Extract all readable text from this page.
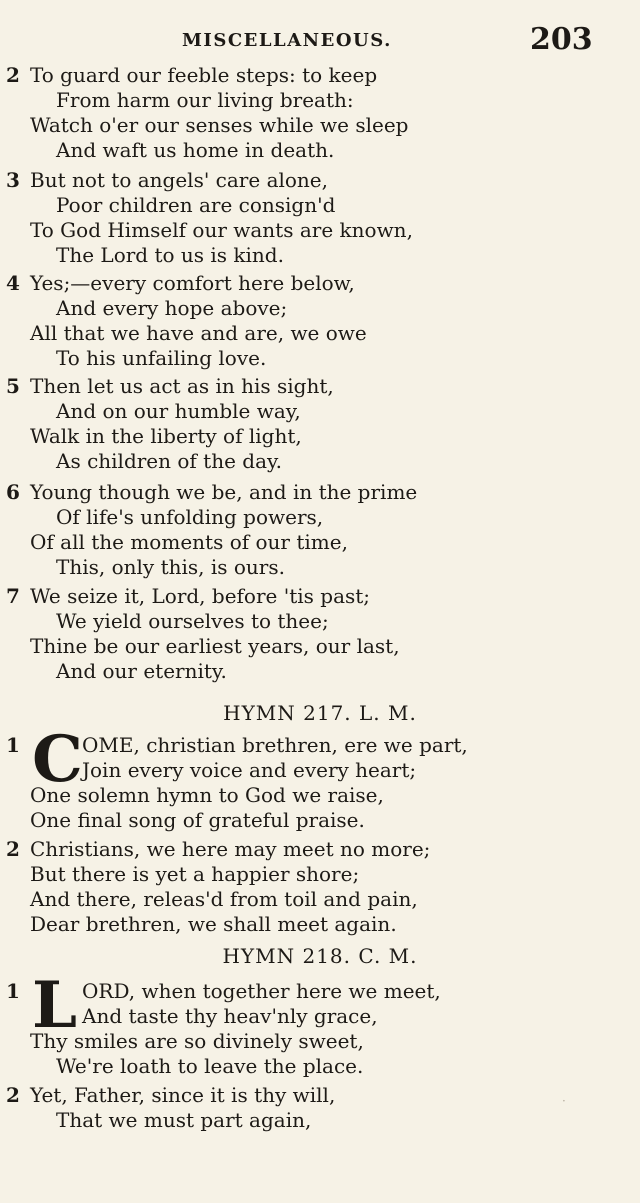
MISCELLANEOUS.	203
2 To guard our feeble steps: to keep
From harm our living breath:
Watch o'er our senses while we sleep
And waft us home in death.
3 But not to angels' care alone,
Poor children are consign'd
To God Himself our wants are known,
The Lord to us is kind.
4 Yes;—every comfort here below,
And every hope above;
All that we have and are, we owe
To his unfailing love.
5 Then let us act as in his sight,
And on our humble way,
Walk in the liberty of light,
As children of the day.
6 Young though we be, and in the prime
Of life's unfolding powers,
Of all the moments of our time,
This, only this, is ours.
7 We seize it, Lord, before 'tis past;
We yield ourselves to thee;
Thine be our earliest years, our last,
And our eternity.
HYMN 217. L. M.
1 C OME, christian brethren, ere we part,
Join every voice and every heart;
One solemn hymn to God we raise,
One final song of grateful praise.
2 Christians, we here may meet no more;
But there is yet a happier shore;
And there, releas'd from toil and pain,
Dear brethren, we shall meet again.
HYMN 218. C. M.
1 L ORD, when together here we meet,
And taste thy heav'nly grace,
Thy smiles are so divinely sweet,
We're loath to leave the place.
2 Yet, Father, since it is thy will,
That we must part again,
·
